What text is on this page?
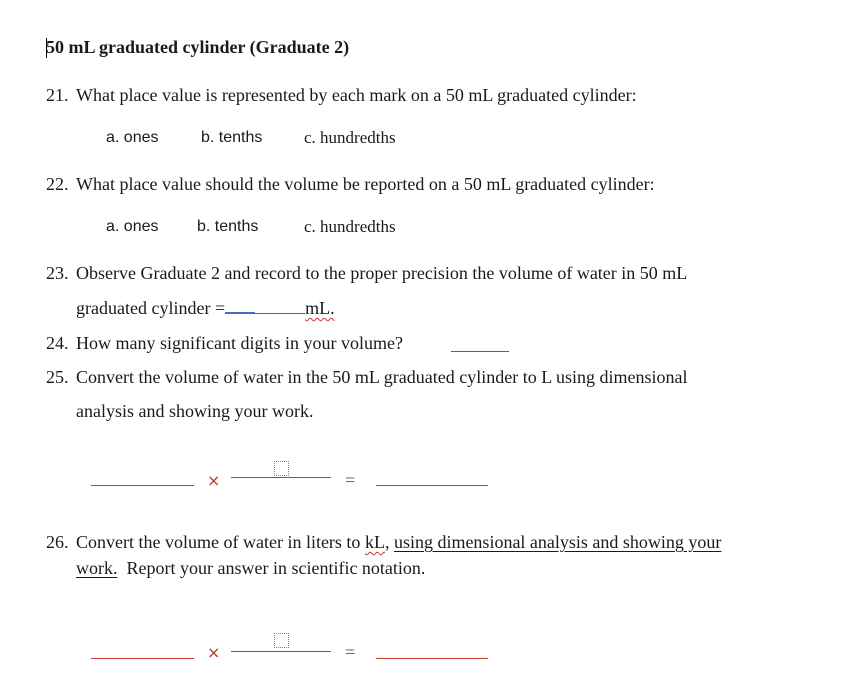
50 mL graduated cylinder (Graduate 2)
21. What place value is represented by each mark on a 50 mL graduated cylinder:
a. ones	b. tenths c. hundredths
22. What place value should the volume be reported on a 50 mL graduated cylinder:
a. ones b. tenths	c. hundredths
23. Observe Graduate 2 and record to the proper precision the volume of water in 50 mL
graduated cylinder =	mL.
24. How many significant digits in your volume?
25. Convert the volume of water in the 50 mL graduated cylinder to L using dimensional
analysis and showing your work.
×	=
26. Convert the volume of water in liters to kL, using dimensional analysis and showing your
work.  Report your answer in scientific notation.
×	=
